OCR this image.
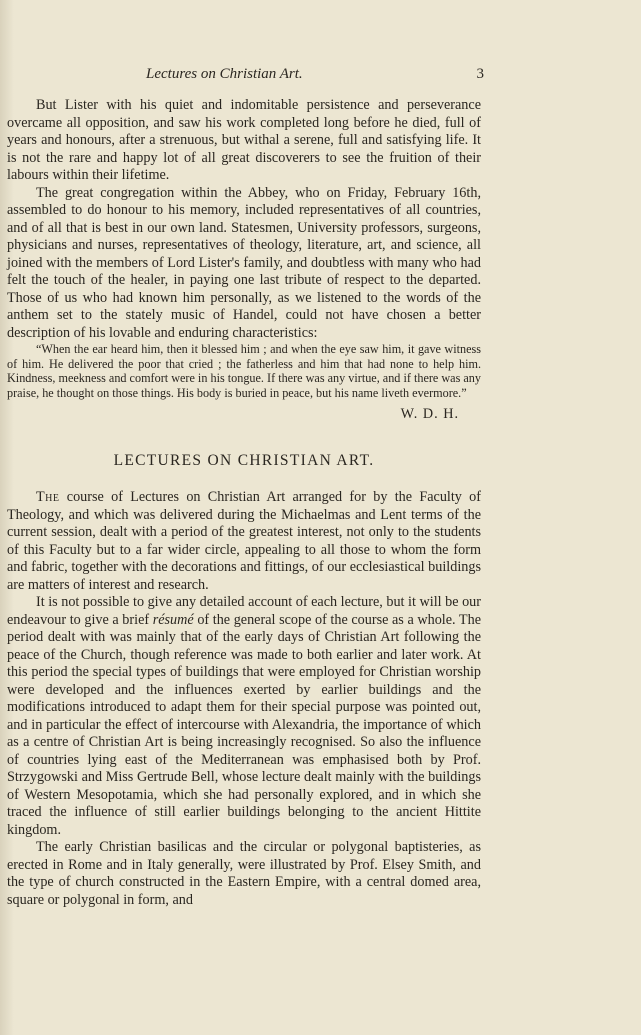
Lectures on Christian Art.	3

But Lister with his quiet and indomitable persistence and perseverance overcame all opposition, and saw his work completed long before he died, full of years and honours, after a strenuous, but withal a serene, full and satisfying life. It is not the rare and happy lot of all great discoverers to see the fruition of their labours within their lifetime.

The great congregation within the Abbey, who on Friday, February 16th, assembled to do honour to his memory, included representatives of all countries, and of all that is best in our own land. Statesmen, University professors, surgeons, physicians and nurses, representatives of theology, literature, art, and science, all joined with the members of Lord Lister's family, and doubtless with many who had felt the touch of the healer, in paying one last tribute of respect to the departed. Those of us who had known him personally, as we listened to the words of the anthem set to the stately music of Handel, could not have chosen a better description of his lovable and enduring characteristics:

“When the ear heard him, then it blessed him ; and when the eye saw him, it gave witness of him. He delivered the poor that cried ; the fatherless and him that had none to help him. Kindness, meekness and comfort were in his tongue. If there was any virtue, and if there was any praise, he thought on those things. His body is buried in peace, but his name liveth evermore.”

W. D. H.
LECTURES ON CHRISTIAN ART.

The course of Lectures on Christian Art arranged for by the Faculty of Theology, and which was delivered during the Michaelmas and Lent terms of the current session, dealt with a period of the greatest interest, not only to the students of this Faculty but to a far wider circle, appealing to all those to whom the form and fabric, together with the decorations and fittings, of our ecclesiastical buildings are matters of interest and research.

It is not possible to give any detailed account of each lecture, but it will be our endeavour to give a brief résumé of the general scope of the course as a whole. The period dealt with was mainly that of the early days of Christian Art following the peace of the Church, though reference was made to both earlier and later work. At this period the special types of buildings that were employed for Christian worship were developed and the influences exerted by earlier buildings and the modifications introduced to adapt them for their special purpose was pointed out, and in particular the effect of intercourse with Alexandria, the importance of which as a centre of Christian Art is being increasingly recognised. So also the influence of countries lying east of the Mediterranean was emphasised both by Prof. Strzygowski and Miss Gertrude Bell, whose lecture dealt mainly with the buildings of Western Mesopotamia, which she had personally explored, and in which she traced the influence of still earlier buildings belonging to the ancient Hittite kingdom.

The early Christian basilicas and the circular or polygonal baptisteries, as erected in Rome and in Italy generally, were illustrated by Prof. Elsey Smith, and the type of church constructed in the Eastern Empire, with a central domed area, square or polygonal in form, and
